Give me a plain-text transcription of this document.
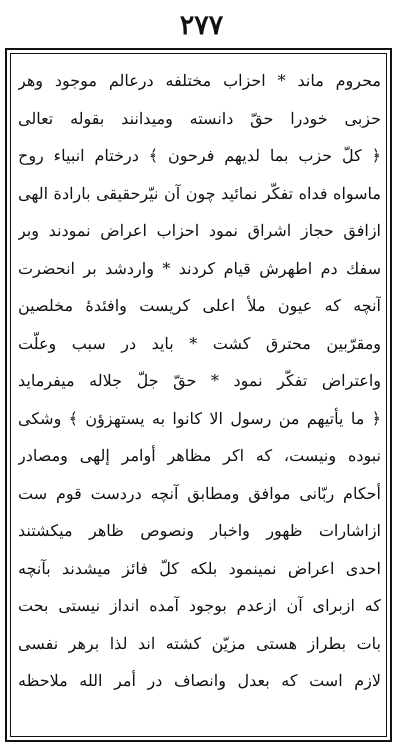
۲۷۷
محروم ماند * احزاب مختلفه درعالم موجود وهر
حزبی خودرا حقّ دانسته ومیدانند بقوله تعالی
﴿ كلّ حزب بما لديهم فرحون ﴾ درختام انبياء روح
ماسواه فداه تفكّر نمائيد چون آن نيّرحقيقى بارادة الهى
ازافق حجاز اشراق نمود احزاب اعراض نمودند وبر
سفك دم اطهرش قيام كردند * واردشد بر انحضرت
آنچه كه عيون ملأ اعلى كريست وافئدهٔ مخلصين
ومقرّبين محترق كشت * بايد در سبب وعلّت
واعتراض تفكّر نمود * حقّ جلّ جلاله ميفرمايد
﴿ ما يأتيهم من رسول الا كانوا به يستهزؤن ﴾ وشكى
نبوده ونيست، كه اكر مظاهر أوامر إلهى ومصادر
أحكام ربّانى موافق ومطابق آنچه دردست قوم ست
ازاشارات ظهور واخبار ونصوص ظاهر ميكشتند
احدى اعراض نمينمود بلكه كلّ فائز ميشدند بآنچه
كه ازبراى آن ازعدم بوجود آمده انداز نيستى بحت
بات بطراز هستى مزيّن كشته اند لذا برهر نفسى
لازم است كه بعدل وانصاف در أمر الله ملاحظه
